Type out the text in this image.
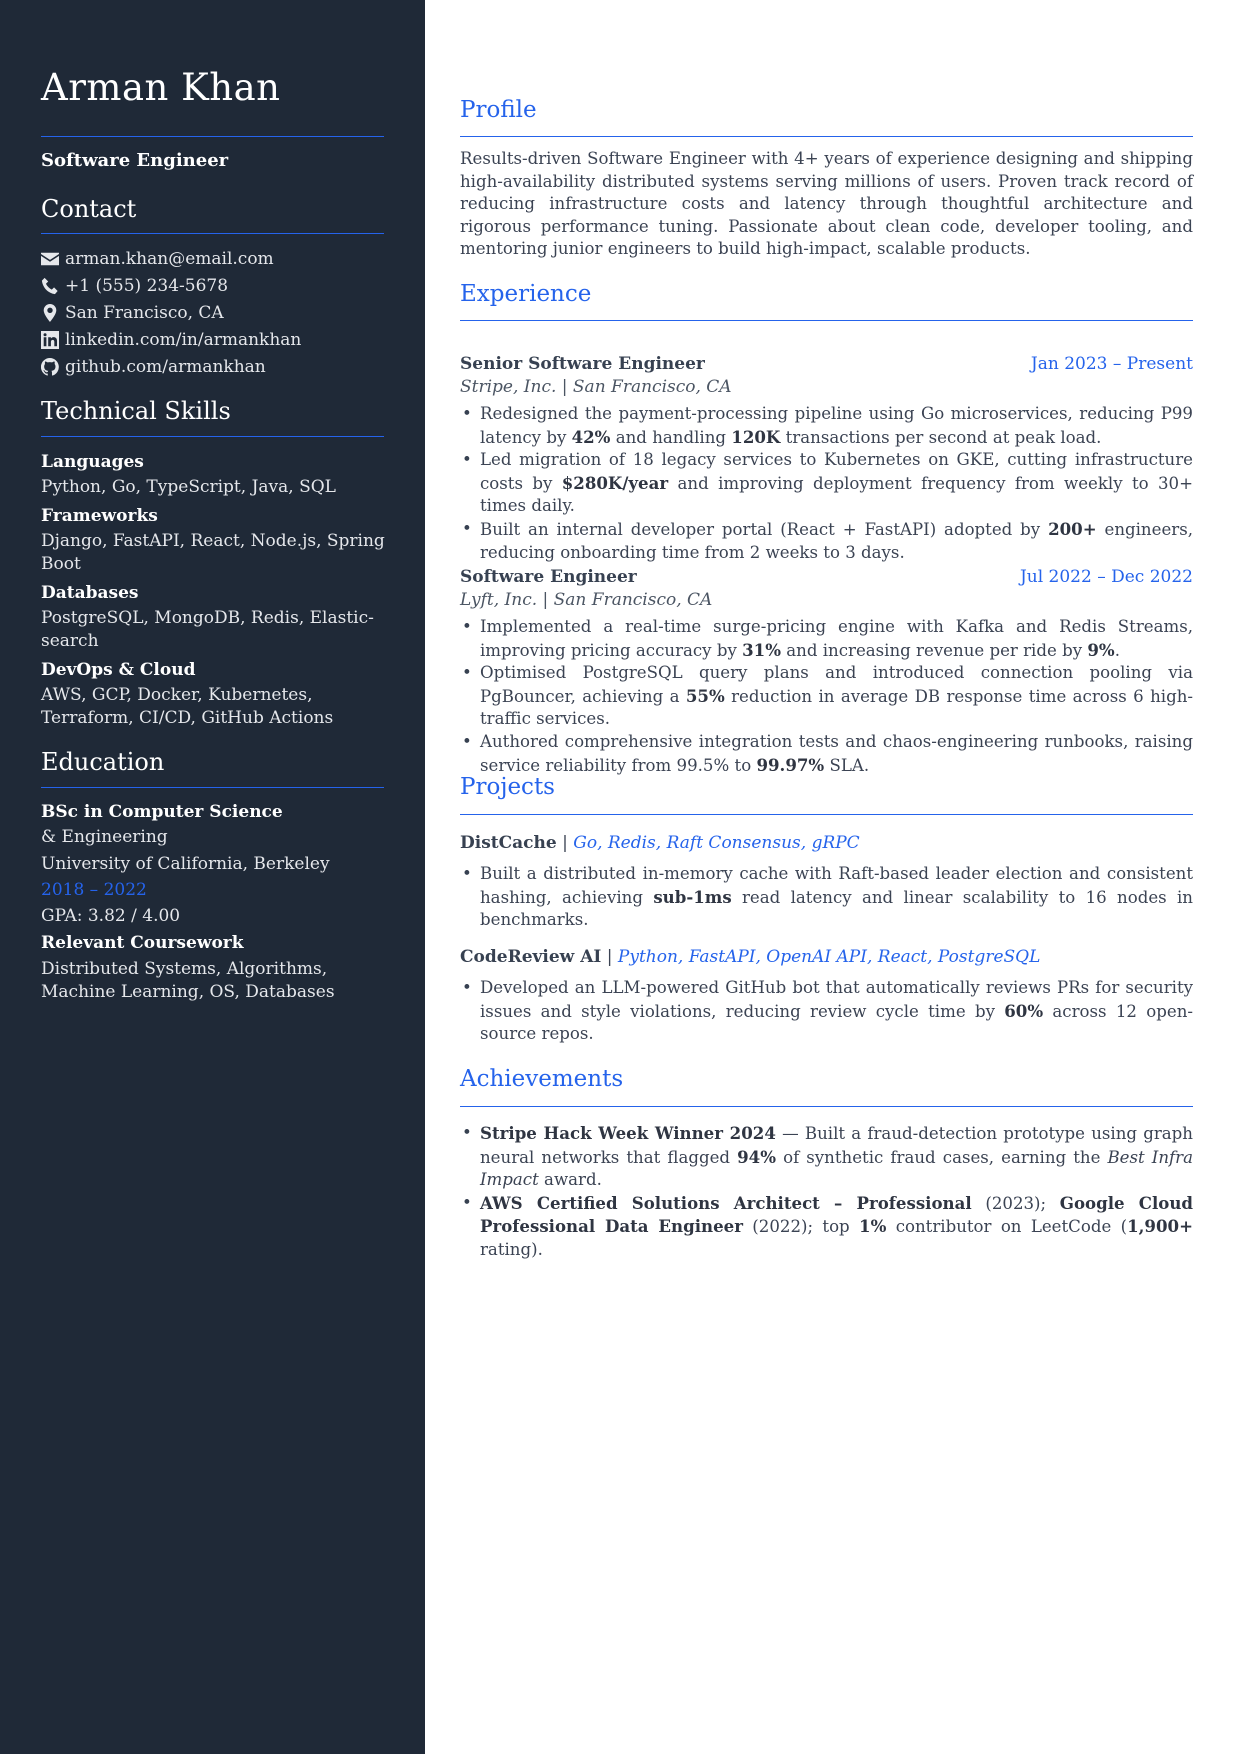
Arman Khan
Software Engineer
Contact
arman.khan@email.com
+1 (555) 234-5678
San Francisco, CA
linkedin.com/in/armankhan
github.com/armankhan
Technical Skills
Languages
Python, Go, TypeScript, Java, SQL
Frameworks
Django, FastAPI, React, Node.js, Spring
Boot
Databases
PostgreSQL, MongoDB, Redis, Elastic-
search
DevOps & Cloud
AWS, GCP, Docker, Kubernetes,
Terraform, CI/CD, GitHub Actions
Education
BSc in Computer Science
& Engineering
University of California, Berkeley
2018 – 2022
GPA: 3.82 / 4.00
Relevant Coursework
Distributed Systems, Algorithms,
Machine Learning, OS, Databases
Profile
Results-driven Software Engineer with 4+ years of experience designing and shipping high-availability distributed systems serving millions of users. Proven track record of reducing infrastructure costs and latency through thoughtful architecture and rigorous performance tuning. Passionate about clean code, developer tooling, and mentoring junior engineers to build high-impact, scalable products.
Experience
Senior Software Engineer	Jan 2023 – Present
Stripe, Inc. | San Francisco, CA
• Redesigned the payment-processing pipeline using Go microservices, reducing P99 latency by 42% and handling 120K transactions per second at peak load.
• Led migration of 18 legacy services to Kubernetes on GKE, cutting infrastructure costs by $280K/year and improving deployment frequency from weekly to 30+ times daily.
• Built an internal developer portal (React + FastAPI) adopted by 200+ engineers, reducing onboarding time from 2 weeks to 3 days.
Software Engineer	Jul 2022 – Dec 2022
Lyft, Inc. | San Francisco, CA
• Implemented a real-time surge-pricing engine with Kafka and Redis Streams, improving pricing accuracy by 31% and increasing revenue per ride by 9%.
• Optimised PostgreSQL query plans and introduced connection pooling via PgBouncer, achieving a 55% reduction in average DB response time across 6 high-traffic services.
• Authored comprehensive integration tests and chaos-engineering runbooks, raising service reliability from 99.5% to 99.97% SLA.
Projects
DistCache | Go, Redis, Raft Consensus, gRPC
• Built a distributed in-memory cache with Raft-based leader election and consistent hashing, achieving sub-1ms read latency and linear scalability to 16 nodes in benchmarks.
CodeReview AI | Python, FastAPI, OpenAI API, React, PostgreSQL
• Developed an LLM-powered GitHub bot that automatically reviews PRs for security issues and style violations, reducing review cycle time by 60% across 12 open-source repos.
Achievements
• Stripe Hack Week Winner 2024 — Built a fraud-detection prototype using graph neural networks that flagged 94% of synthetic fraud cases, earning the Best Infra Impact award.
• AWS Certified Solutions Architect – Professional (2023); Google Cloud Professional Data Engineer (2022); top 1% contributor on LeetCode (1,900+ rating).
